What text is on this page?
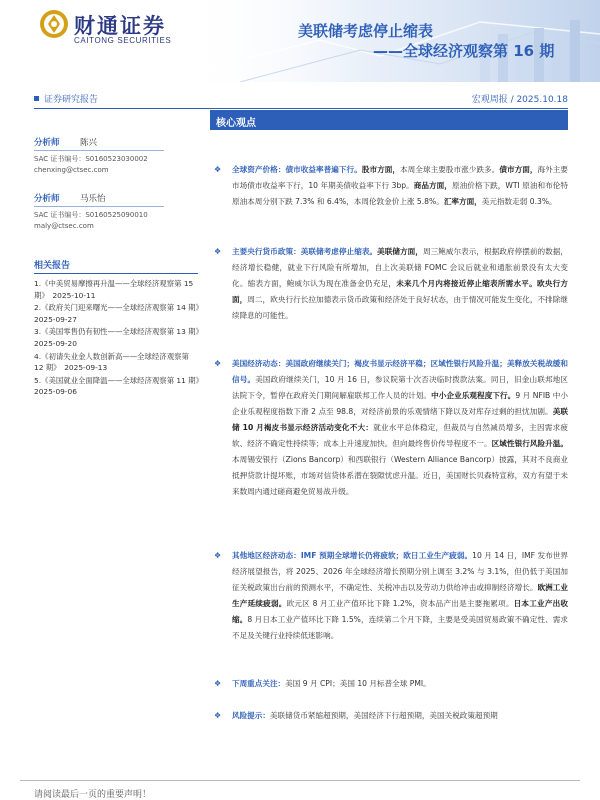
财通证券
CAITONG SECURITIES
美联储考虑停止缩表
——全球经济观察第 16 期
证券研究报告	宏观周报 / 2025.10.18
分析师	陈兴
SAC 证书编号：S0160523030002
chenxing@ctsec.com
分析师	马乐怡
SAC 证书编号：S0160525090010
maly@ctsec.com
相关报告
1.《中美贸易摩擦再升温——全球经济观察第 15 期》　2025-10-11
2.《政府关门迎来曙光——全球经济观察第 14 期》　2025-09-27
3.《美国零售仍有韧性——全球经济观察第 13 期》　2025-09-20
4.《初请失业金人数创新高——全球经济观察第 12 期》　2025-09-13
5.《美国就业全面降温——全球经济观察第 11 期》　2025-09-06
核心观点
❖ 全球资产价格：债市收益率普遍下行。股市方面，本周全球主要股市涨少跌多。债市方面，海外主要市场债市收益率下行，10 年期美债收益率下行 3bp。商品方面，原油价格下跌，WTI 原油和布伦特原油本周分别下跌 7.3% 和 6.4%，本周伦敦金价上涨 5.8%。汇率方面，美元指数走弱 0.3%。
❖ 主要央行货币政策：美联储考虑停止缩表。美联储方面，周三鲍威尔表示，根据政府停摆前的数据，经济增长稳健，就业下行风险有所增加，自上次美联储 FOMC 会议后就业和通胀前景没有太大变化。缩表方面，鲍威尔认为现在准备金仍充足，未来几个月内将接近停止缩表所需水平。欧央行方面，周二，欧央行行长拉加德表示货币政策和经济处于良好状态，由于情况可能发生变化，不排除继续降息的可能性。
❖ 美国经济动态：美国政府继续关门；褐皮书显示经济平稳；区域性银行风险升温；美释放关税战缓和信号。美国政府继续关门，10 月 16 日，参议院第十次否决临时拨款法案。同日，旧金山联邦地区法院下令，暂停在政府关门期间解雇联邦工作人员的计划。中小企业乐观程度下行。9 月 NFIB 中小企业乐观程度指数下滑 2 点至 98.8，对经济前景的乐观情绪下降以及对库存过剩的担忧加剧。美联储 10 月褐皮书显示经济活动变化不大：就业水平总体稳定，但裁员与自然减员增多，主因需求疲软、经济不确定性持续等；成本上升速度加快。但向最终售价传导程度不一。区域性银行风险升温。本周锡安银行（Zions Bancorp）和西联银行（Western Alliance Bancorp）披露，其对不良商业抵押贷款计提坏账，市场对信贷体系潜在裂隙忧虑升温。近日，美国财长贝森特宣称，双方有望于未来数周内通过磋商避免贸易战升级。
❖ 其他地区经济动态：IMF 预期全球增长仍将疲软；欧日工业生产疲弱。10 月 14 日，IMF 发布世界经济展望报告，将 2025、2026 年全球经济增长预期分别上调至 3.2% 与 3.1%，但仍低于美国加征关税政策出台前的预测水平，不确定性、关税冲击以及劳动力供给冲击或抑制经济增长。欧洲工业生产延续疲弱。欧元区 8 月工业产值环比下降 1.2%，资本品产出是主要拖累项。日本工业产出收缩。8 月日本工业产值环比下降 1.5%，连续第二个月下降，主要是受美国贸易政策不确定性、需求不足及关键行业持续低迷影响。
❖ 下周重点关注：美国 9 月 CPI；美国 10 月标普全球 PMI。
❖ 风险提示：美联储货币紧缩超预期，美国经济下行超预期，美国关税政策超预期
请阅读最后一页的重要声明！
